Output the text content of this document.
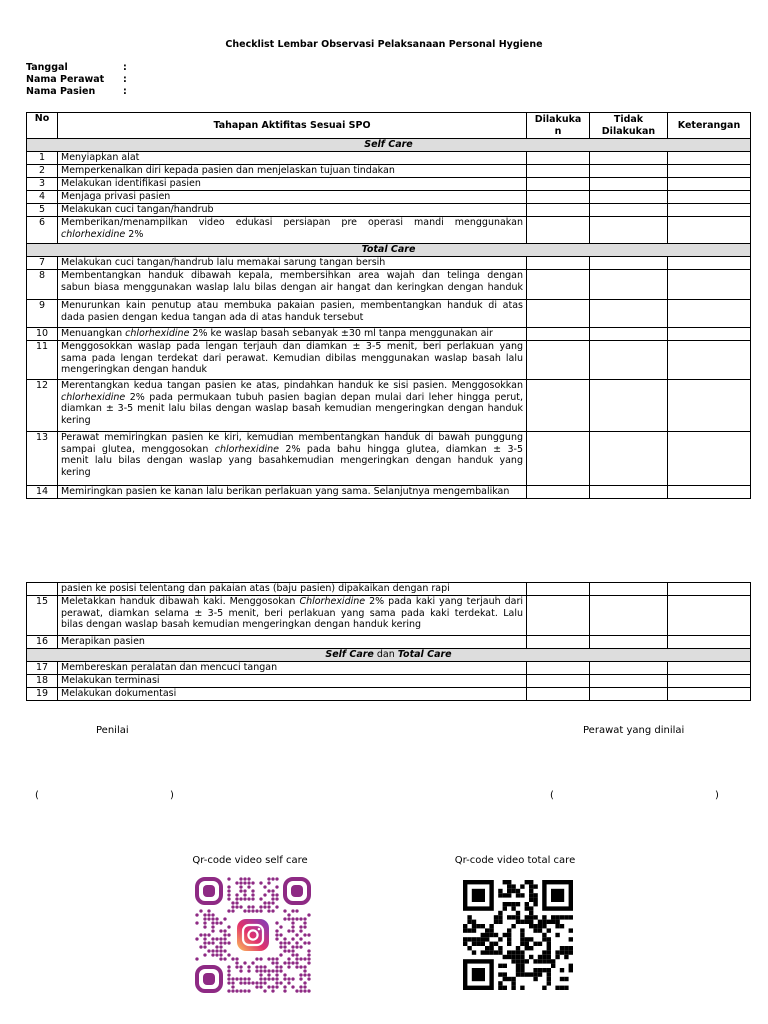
Checklist Lembar Observasi Pelaksanaan Personal Hygiene
Tanggal	:
Nama Perawat	:
Nama Pasien	:
No	Tahapan Aktifitas Sesuai SPO	Dilakuka n	Tidak Dilakukan	Keterangan
Self Care				
1	Menyiapkan alat			
2	Memperkenalkan diri kepada pasien dan menjelaskan tujuan tindakan			
3	Melakukan identifikasi pasien			
4	Menjaga privasi pasien			
5	Melakukan cuci tangan/handrub			
6	Memberikan/menampilkan video edukasi persiapan pre operasi mandi menggunakan
chlorhexidine 2%			

Total Care				
7	Melakukan cuci tangan/handrub lalu memakai sarung tangan bersih			
8	Membentangkan handuk dibawah kepala, membersihkan area wajah dan telinga dengan
sabun biasa menggunakan waslap lalu bilas dengan air hangat dan keringkan dengan handuk			

9	Menurunkan kain penutup atau membuka pakaian pasien, membentangkan handuk di atas
dada pasien dengan kedua tangan ada di atas handuk tersebut			

10	Menuangkan chlorhexidine 2% ke waslap basah sebanyak ±30 ml tanpa menggunakan air			
11	Menggosokkan waslap pada lengan terjauh dan diamkan ± 3-5 menit, beri perlakuan yang
sama pada lengan terdekat dari perawat. Kemudian dibilas menggunakan waslap basah lalu
mengeringkan dengan handuk			

12	Merentangkan kedua tangan pasien ke atas, pindahkan handuk ke sisi pasien. Menggosokkan
chlorhexidine 2% pada permukaan tubuh pasien bagian depan mulai dari leher hingga perut,
diamkan ± 3-5 menit lalu bilas dengan waslap basah kemudian mengeringkan dengan handuk
kering			

13	Perawat memiringkan pasien ke kiri, kemudian membentangkan handuk di bawah punggung
sampai glutea, menggosokan chlorhexidine 2% pada bahu hingga glutea, diamkan ± 3-5
menit lalu bilas dengan waslap yang basahkemudian mengeringkan dengan handuk yang
kering			

14	Memiringkan pasien ke kanan lalu berikan perlakuan yang sama. Selanjutnya mengembalikan			
	pasien ke posisi telentang dan pakaian atas (baju pasien) dipakaikan dengan rapi			
15	Meletakkan handuk dibawah kaki. Menggosokan Chlorhexidine 2% pada kaki yang terjauh dari
perawat, diamkan selama ± 3-5 menit, beri perlakuan yang sama pada kaki terdekat. Lalu
bilas dengan waslap basah kemudian mengeringkan dengan handuk kering			

16	Merapikan pasien			
Self Care dan Total Care				
17	Membereskan peralatan dan mencuci tangan			
18	Melakukan terminasi			
19	Melakukan dokumentasi			
Penilai	Perawat yang dinilai
(	)	(	)
Qr-code video self care	Qr-code video total care
